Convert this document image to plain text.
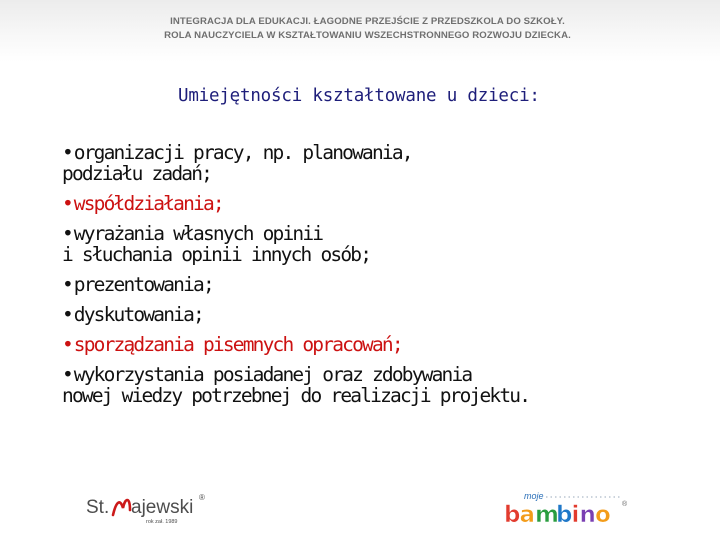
INTEGRACJA DLA EDUKACJI. ŁAGODNE PRZEJŚCIE Z PRZEDSZKOLA DO SZKOŁY.
ROLA NAUCZYCIELA W KSZTAŁTOWANIU WSZECHSTRONNEGO ROZWOJU DZIECKA.
Umiejętności kształtowane u dzieci:
•organizacji pracy, np. planowania,
podziału zadań;
•współdziałania;
•wyrażania własnych opinii
i słuchania opinii innych osób;
•prezentowania;
•dyskutowania;
•sporządzania pisemnych opracowań;
•wykorzystania posiadanej oraz zdobywania
nowej wiedzy potrzebnej do realizacji projektu.
St. ajewski ®
rok zał. 1989
moje
b a m
b i n o ®
